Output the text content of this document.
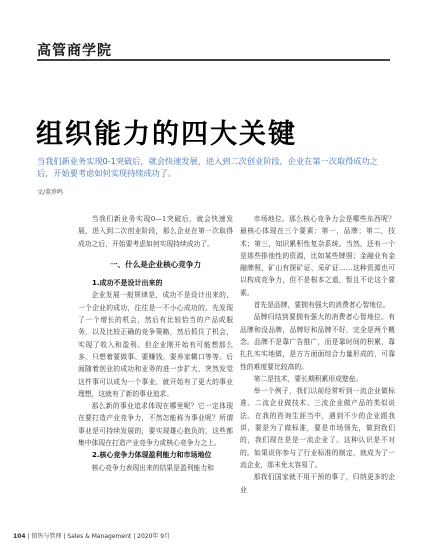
高管商学院
组织能力的四大关键
当我们新业务实现0-1突破后，就会快速发展，进入到二次创业阶段，企业在第一次取得成功之后，开始要考虑如何实现持续成功了。
文/董珍鸣

当我们新业务实现0—1突破后，就会快速发展，进入到二次创业阶段，那么企业在第一次取得成功之后，开始要考虑如何实现持续成功了。

一、什么是企业核心竞争力

1.成功不是设计出来的

企业发展一般规律是，成功不是设计出来的，一个企业的成功，往往是一不小心成功的。先发现了一个增长的机会，然后有比较恰当的产品或服务，以及比较正确的竞争策略，然后抓住了机会，实现了收入和盈利。但企业刚开始有可能想那么多，只想着要做事、要赚钱、要养家糊口等等。后面随着创业的成功和业务的进一步扩大，突然发觉这件事可以成为一个事业，就开始有了更大的事业理想，这就有了新的事业追求。

那么新的事业追求体现在哪里呢？它一定体现在要打造产业竞争力，不然怎能称为事业呢？所谓事业是可持续发展的，要实现雄心抱负的，这些都集中体现在打造产业竞争力或核心竞争力之上。

2.核心竞争力体现盈利能力和市场地位

核心竞争力表现出来的结果是盈利能力和

市场地位。那么核心竞争力会是哪些东西呢？最核心体现在三个要素：第一，品牌；第二，技术；第三，知识累积性复杂系统。当然，还有一个是那些排他性的资源，比如某些牌照；金融业有金融牌照，矿山有探矿证、采矿证……这种资源也可以构成竞争力，但不是根本之道，暂且不论这个要素。

首先是品牌，要拥有强大的消费者心智地位。

品牌归结到要拥有强大的消费者心智地位。有品牌和没品牌，品牌好和品牌不好，完全是两个概念。品牌不是靠广告推广，而是靠时间的积累，靠扎扎实实地做，是方方面面综合力量形成的，可靠性的难度要比较高的。

第二是技术，要长期积累形成壁垒。

举一个例子，我们以前经常听到一流企业做标准、二流企业做技术、三流企业做产品的类似说法。在我的咨询生涯当中，遇到不少的企业跟我讲，要是为了做标准，要是市场领先，做到我们的，我们现在是是一流企业了。这种认识是不对的。如果说你参与了行业标准的制定，就成为了一流企业，那未免太容易了。

那我们国家就不用干预的事了，归纳更多的企业

104 | 销售与管理 | Sales & Management | 2020年 9月
